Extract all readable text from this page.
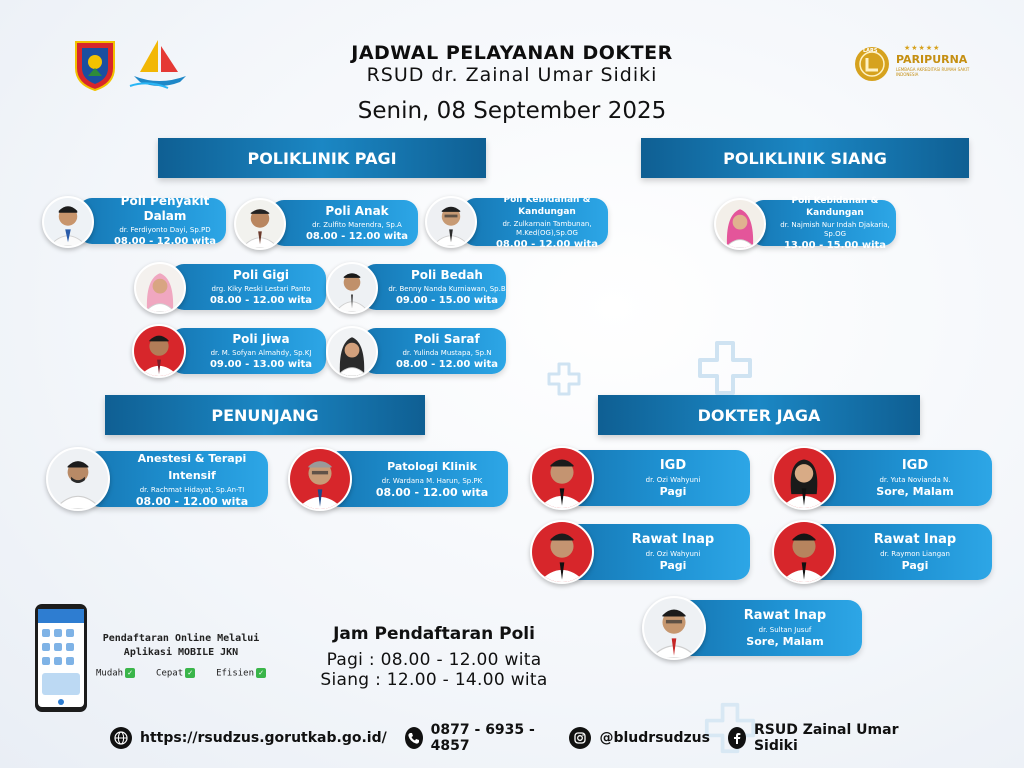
JADWAL PELAYANAN DOKTER
RSUD dr. Zainal Umar Sidiki
Senin, 08 September 2025
LARS	★★★★★
PARIPURNA
LEMBAGA AKREDITASI RUMAH SAKIT INDONESIA
POLIKLINIK PAGI	POLIKLINIK SIANG
PENUNJANG	DOKTER JAGA
Poli Penyakit Dalam
dr. Ferdiyonto Dayi, Sp.PD
08.00 - 12.00 wita
Poli Anak
dr. Zulfito Marendra, Sp.A
08.00 - 12.00 wita
Poli Kebidanan & Kandungan
dr. Zulkarnain Tambunan, M.Ked(OG),Sp.OG
08.00 - 12.00 wita
Poli Gigi
drg. Kiky Reski Lestari Panto
08.00 - 12.00 wita
Poli Bedah
dr. Benny Nanda Kurniawan, Sp.B
09.00 - 15.00 wita
Poli Jiwa
dr. M. Sofyan Almahdy, Sp.KJ
09.00 - 13.00 wita
Poli Saraf
dr. Yulinda Mustapa, Sp.N
08.00 - 12.00 wita
Poli Kebidanan & Kandungan
dr. Najmish Nur Indah Djakaria, Sp.OG
13.00 - 15.00 wita
Anestesi & Terapi Intensif
dr. Rachmat Hidayat, Sp.An-TI
08.00 - 12.00 wita
Patologi Klinik
dr. Wardana M. Harun, Sp.PK
08.00 - 12.00 wita
IGD
dr. Ozi Wahyuni
Pagi
IGD
dr. Yuta Novianda N.
Sore, Malam
Rawat Inap
dr. Ozi Wahyuni
Pagi
Rawat Inap
dr. Raymon Liangan
Pagi
Rawat Inap
dr. Sultan Jusuf
Sore, Malam
Pendaftaran Online Melalui
Aplikasi MOBILE JKN
Mudah ✓	Cepat ✓	Efisien ✓
Jam Pendaftaran Poli
Pagi : 08.00 - 12.00 wita
Siang : 12.00 - 14.00 wita
https://rsudzus.gorutkab.go.id/	0877 - 6935 - 4857	@bludrsudzus	RSUD Zainal Umar Sidiki
